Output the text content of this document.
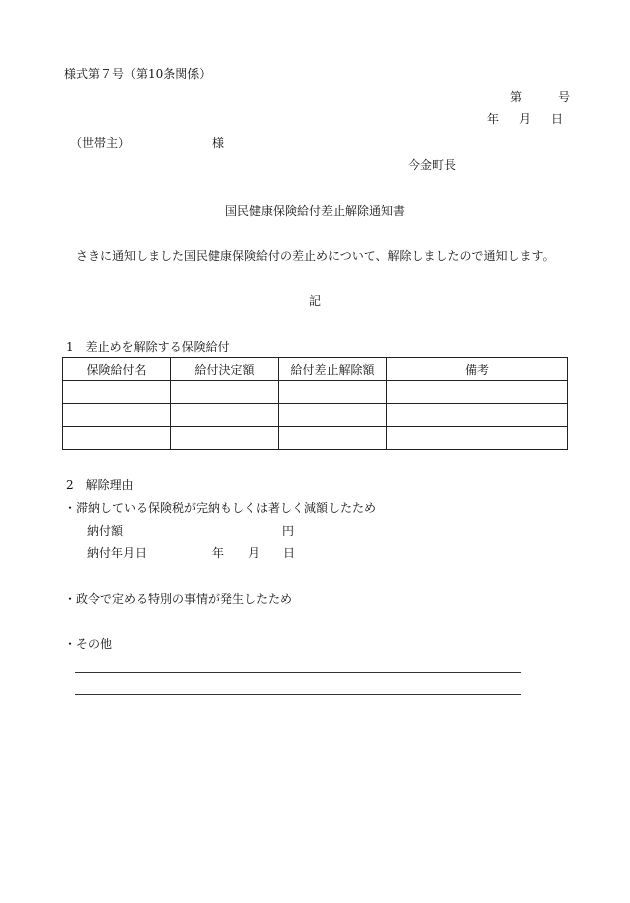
様式第７号（第10条関係）
第	号
年 月 日
（世帯主）	様
今金町長
国民健康保険給付差止解除通知書
さきに通知しました国民健康保険給付の差止めについて、解除しましたので通知します。
記
1 差止めを解除する保険給付
保険給付名	給付決定額	給付差止解除額	備考

2 解除理由
・滞納している保険税が完納もしくは著しく減額したため
納付額	円
納付年月日	年 月 日
・政令で定める特別の事情が発生したため
・その他
